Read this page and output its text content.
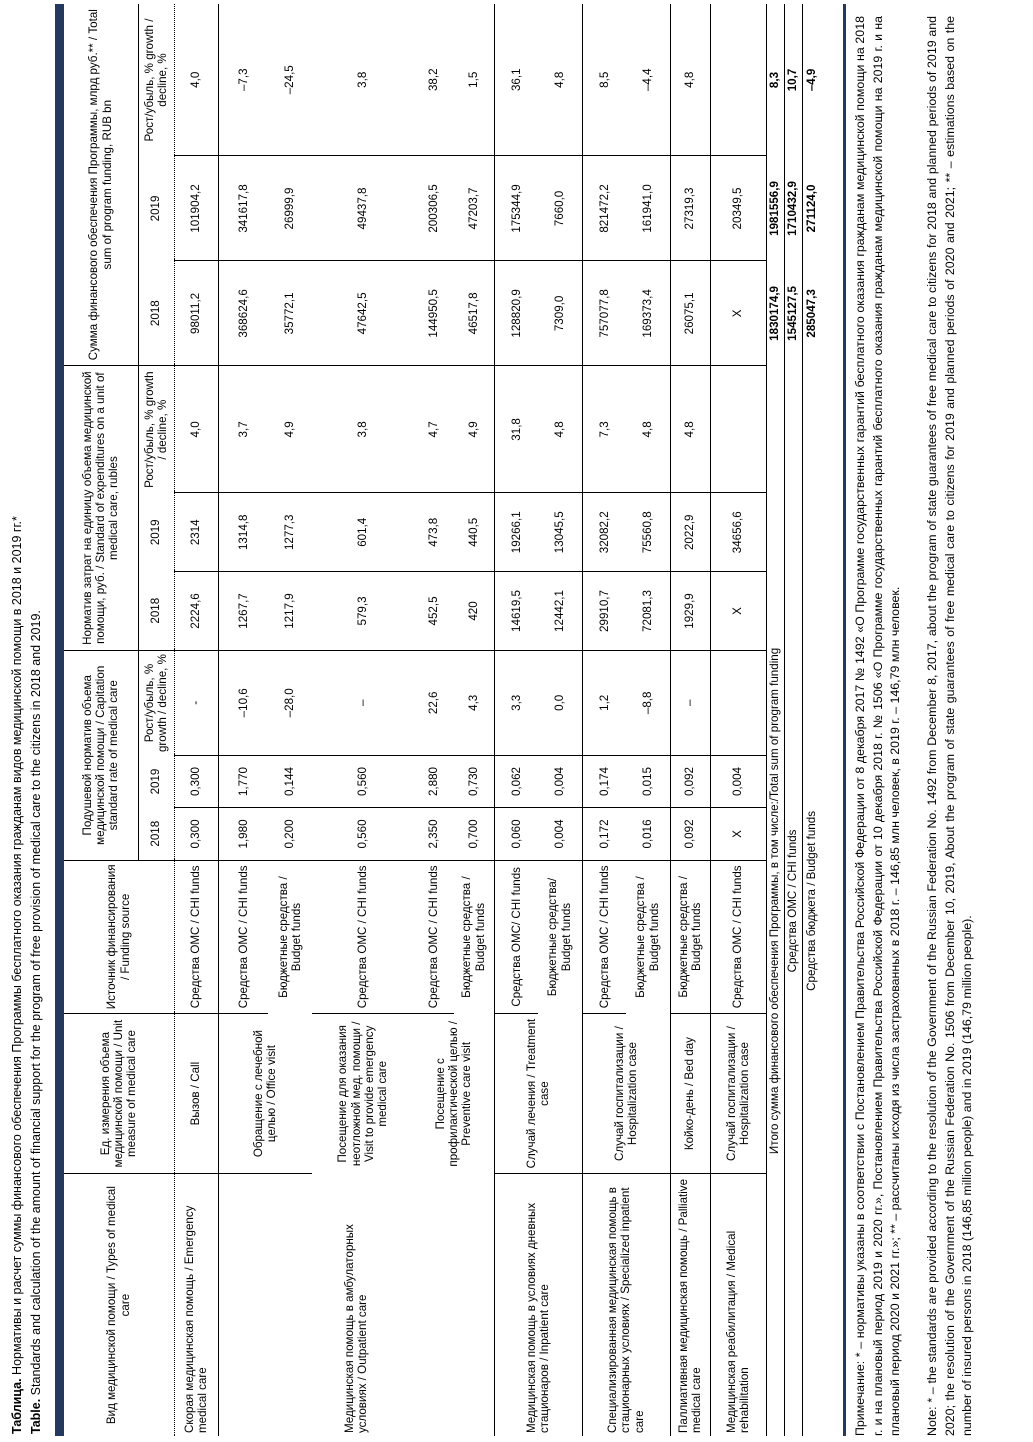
Таблица. Нормативы и расчет суммы финансового обеспечения Программы бесплатного оказания гражданам видов медицинской помощи в 2018 и 2019 гг.*
Table. Standards and calculation of the amount of financial support for the program of free provision of medical care to the citizens in 2018 and 2019.	Вид медицинской помощи / Types of medical care	Ед. измерения объема медицинской помощи / Unit measure of medical care	Источник финансирования / Funding source	Подушевой норматив объема медицинской помощи / Capitation standard rate of medical care			Норматив затрат на единицу объема медицинской помощи, руб. / Standard of expenditures on a unit of medical care, rubles			Сумма финансового обеспечения Программы, млрд руб.** / Total sum of program funding, RUB bn		
			2018	2019	Рост/убыль, % growth / decline, %	2018	2019	Рост/убыль, % growth / decline, %	2018	2019	Рост/убыль, % growth / decline, %
Скорая медицинская помощь / Emergency medical care	Вызов / Call	Средства ОМС / CHI funds	0,300	0,300	-	2224,6	2314	4,0	98011,2	101904,2	4,0
Медицинская помощь в амбулаторных условиях / Outpatient care	Обращение с лечебной целью / Office visit	Средства ОМС / CHI funds	1,980	1,770	–10,6	1267,7	1314,8	3,7	368624,6	341617,8	–7,3
		Бюджетные средства / Budget funds	0,200	0,144	–28,0	1217,9	1277,3	4,9	35772,1	26999,9	–24,5
	Посещение для оказания неотложной мед. помощи / Visit to provide emergency medical care	Средства ОМС / CHI funds	0,560	0,560	–	579,3	601,4	3,8	47642,5	49437,8	3,8
	Посещение с профилактической целью / Preventive care visit	Средства ОМС / CHI funds	2,350	2,880	22,6	452,5	473,8	4,7	144950,5	200306,5	38,2
		Бюджетные средства / Budget funds	0,700	0,730	4,3	420	440,5	4,9	46517,8	47203,7	1,5
Медицинская помощь в условиях дневных стационаров / Inpatient care	Случай лечения / Treatment case	Средства ОМС/ CHI funds	0,060	0,062	3,3	14619,5	19266,1	31,8	128820,9	175344,9	36,1
		Бюджетные средства/ Budget funds	0,004	0,004	0,0	12442,1	13045,5	4,8	7309,0	7660,0	4,8
Специализированная медицинская помощь в стационарных условиях / Specialized inpatient care	Случай госпитализации / Hospitalization case	Средства ОМС / CHI funds	0,172	0,174	1,2	29910,7	32082,2	7,3	757077,8	821472,2	8,5
		Бюджетные средства / Budget funds	0,016	0,015	–8,8	72081,3	75560,8	4,8	169373,4	161941,0	–4,4
Паллиативная медицинская помощь / Palliative medical care	Койко-день / Bed day	Бюджетные средства / Budget funds	0,092	0,092	–	1929,9	2022,9	4,8	26075,1	27319,3	4,8
Медицинская реабилитация / Medical rehabilitation	Случай госпитализации / Hospitalization case	Средства ОМС / CHI funds	X	0,004		X	34656,6		X	20349,5	
Итого сумма финансового обеспечения Программы, в том числе:/Total sum of program funding									1830174,9	1981556,9	8,3
Средства ОМС / CHI funds									1545127,5	1710432,9	10,7
Средства бюджета / Budget funds									285047,3	271124,0	–4,9	Примечание: * – нормативы указаны в соответствии с Постановлением Правительства Российской Федерации от 8 декабря 2017 № 1492 «О Программе государственных гарантий бесплатного оказания гражданам медицинской помощи на 2018 г. и на плановый период 2019 и 2020 гг.», Постановлением Правительства Российской Федерации от 10 декабря 2018 г. № 1506 «О Программе государственных гарантий бесплатного оказания гражданам медицинской помощи на 2019 г. и на плановый период 2020 и 2021 гг.»; ** – рассчитаны исходя из числа застрахованных в 2018 г. – 146,85 млн человек, в 2019 г. – 146,79 млн человек. Note: * – the standards are provided according to the resolution of the Government of the Russian Federation No. 1492 from December 8, 2017, about the program of state guarantees of free medical care to citizens for 2018 and planned periods of 2019 and 2020; the resolution of the Government of the Russian Federation No. 1506 from December 10, 2019, About the program of state guarantees of free medical care to citizens for 2019 and planned periods of 2020 and 2021; ** – estimations based on the number of insured persons in 2018 (146,85 million people) and in 2019 (146,79 million people).
